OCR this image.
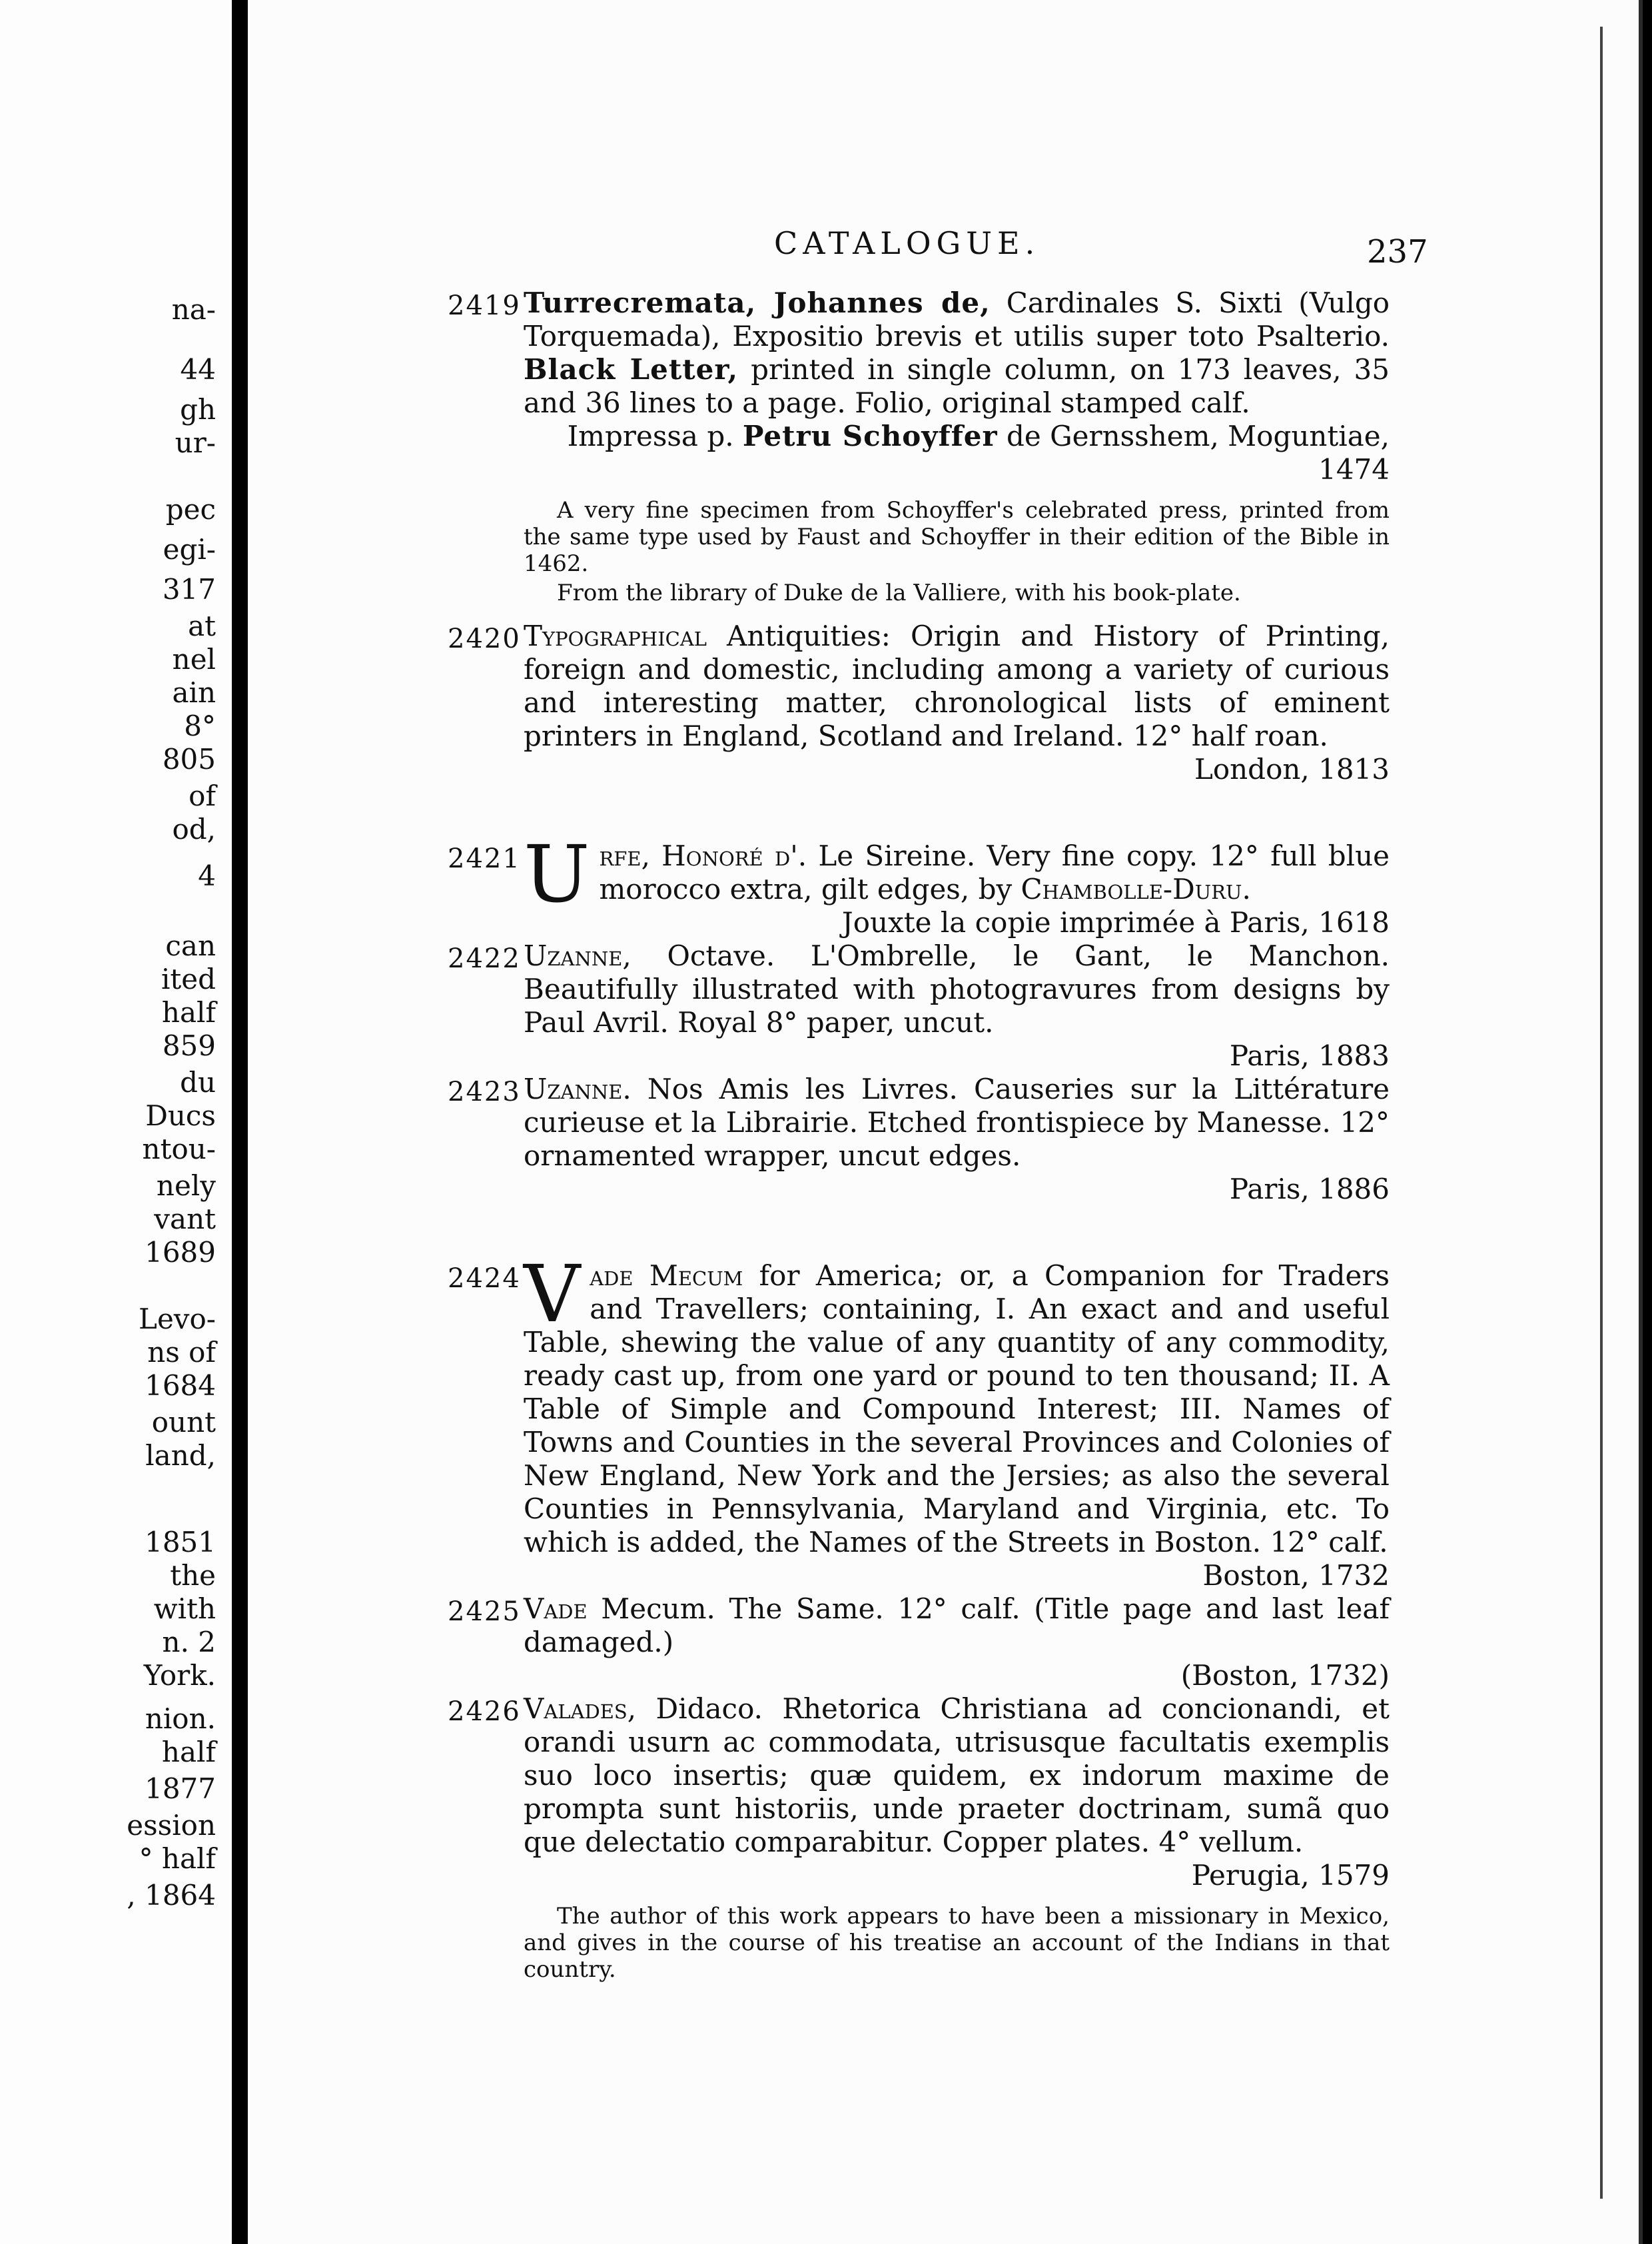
na-
44
gh
ur-
pec
egi-
317
at
nel
ain
8°
805
of
od,
4
can
ited
half
859
du
Ducs
ntou-
nely
vant
1689
Levo-
ns of
1684
ount
land,
1851
the
with
n. 2
York.
nion.
half
1877
ession
° half
, 1864
CATALOGUE.	237
2419 Turrecremata, Johannes de, Cardinales S. Sixti (Vulgo Torquemada), Expositio brevis et utilis super toto Psalterio. Black Letter, printed in single column, on 173 leaves, 35 and 36 lines to a page. Folio, original stamped calf.
Impressa p. Petru Schoyffer de Gernsshem, Moguntiae, 1474
A very fine specimen from Schoyffer's celebrated press, printed from the same type used by Faust and Schoyffer in their edition of the Bible in 1462.
From the library of Duke de la Valliere, with his book-plate.
2420 Typographical Antiquities: Origin and History of Printing, foreign and domestic, including among a variety of curious and interesting matter, chronological lists of eminent printers in England, Scotland and Ireland. 12° half roan.
London, 1813
2421 Urfe, Honoré d'. Le Sireine. Very fine copy. 12° full blue morocco extra, gilt edges, by Chambolle-Duru.
Jouxte la copie imprimée à Paris, 1618
2422 Uzanne, Octave. L'Ombrelle, le Gant, le Manchon. Beautifully illustrated with photogravures from designs by Paul Avril. Royal 8° paper, uncut.
Paris, 1883
2423 Uzanne. Nos Amis les Livres. Causeries sur la Littérature curieuse et la Librairie. Etched frontispiece by Manesse. 12° ornamented wrapper, uncut edges.
Paris, 1886
2424 Vade Mecum for America; or, a Companion for Traders and Travellers; containing, I. An exact and and useful Table, shewing the value of any quantity of any commodity, ready cast up, from one yard or pound to ten thousand; II. A Table of Simple and Compound Interest; III. Names of Towns and Counties in the several Provinces and Colonies of New England, New York and the Jersies; as also the several Counties in Pennsylvania, Maryland and Virginia, etc. To which is added, the Names of the Streets in Boston. 12° calf.
Boston, 1732
2425 Vade Mecum. The Same. 12° calf. (Title page and last leaf damaged.)
(Boston, 1732)
2426 Valades, Didaco. Rhetorica Christiana ad concionandi, et orandi usurn ac commodata, utrisusque facultatis exemplis suo loco insertis; quæ quidem, ex indorum maxime de prompta sunt historiis, unde praeter doctrinam, sumã quo que delectatio comparabitur. Copper plates. 4° vellum.
Perugia, 1579
The author of this work appears to have been a missionary in Mexico, and gives in the course of his treatise an account of the Indians in that country.
